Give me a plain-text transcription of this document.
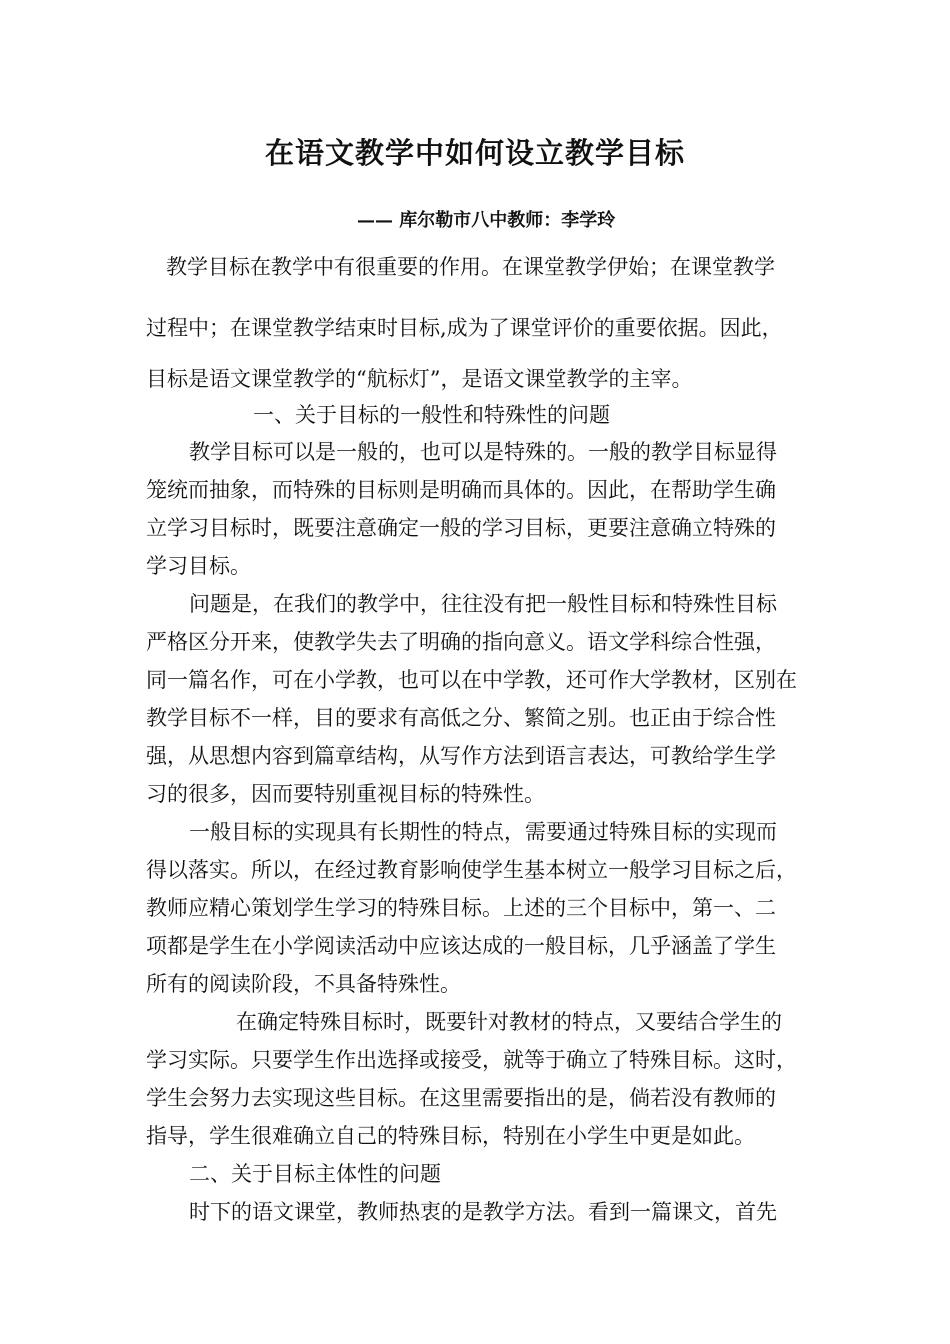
在语文教学中如何设立教学目标
—— 库尔勒市八中教师：李学玲
教学目标在教学中有很重要的作用。在课堂教学伊始；在课堂教学
过程中；在课堂教学结束时目标,成为了课堂评价的重要依据。因此，
目标是语文课堂教学的“航标灯”，是语文课堂教学的主宰。
一、关于目标的一般性和特殊性的问题
教学目标可以是一般的，也可以是特殊的。一般的教学目标显得
笼统而抽象，而特殊的目标则是明确而具体的。因此，在帮助学生确
立学习目标时，既要注意确定一般的学习目标，更要注意确立特殊的
学习目标。
问题是，在我们的教学中，往往没有把一般性目标和特殊性目标
严格区分开来，使教学失去了明确的指向意义。语文学科综合性强，
同一篇名作，可在小学教，也可以在中学教，还可作大学教材，区别在
教学目标不一样，目的要求有高低之分、繁简之别。也正由于综合性
强，从思想内容到篇章结构，从写作方法到语言表达，可教给学生学
习的很多，因而要特别重视目标的特殊性。
一般目标的实现具有长期性的特点，需要通过特殊目标的实现而
得以落实。所以，在经过教育影响使学生基本树立一般学习目标之后，
教师应精心策划学生学习的特殊目标。上述的三个目标中，第一、二
项都是学生在小学阅读活动中应该达成的一般目标，几乎涵盖了学生
所有的阅读阶段，不具备特殊性。
在确定特殊目标时，既要针对教材的特点，又要结合学生的
学习实际。只要学生作出选择或接受，就等于确立了特殊目标。这时，
学生会努力去实现这些目标。在这里需要指出的是，倘若没有教师的
指导，学生很难确立自己的特殊目标，特别在小学生中更是如此。
二、关于目标主体性的问题
时下的语文课堂，教师热衷的是教学方法。看到一篇课文，首先
